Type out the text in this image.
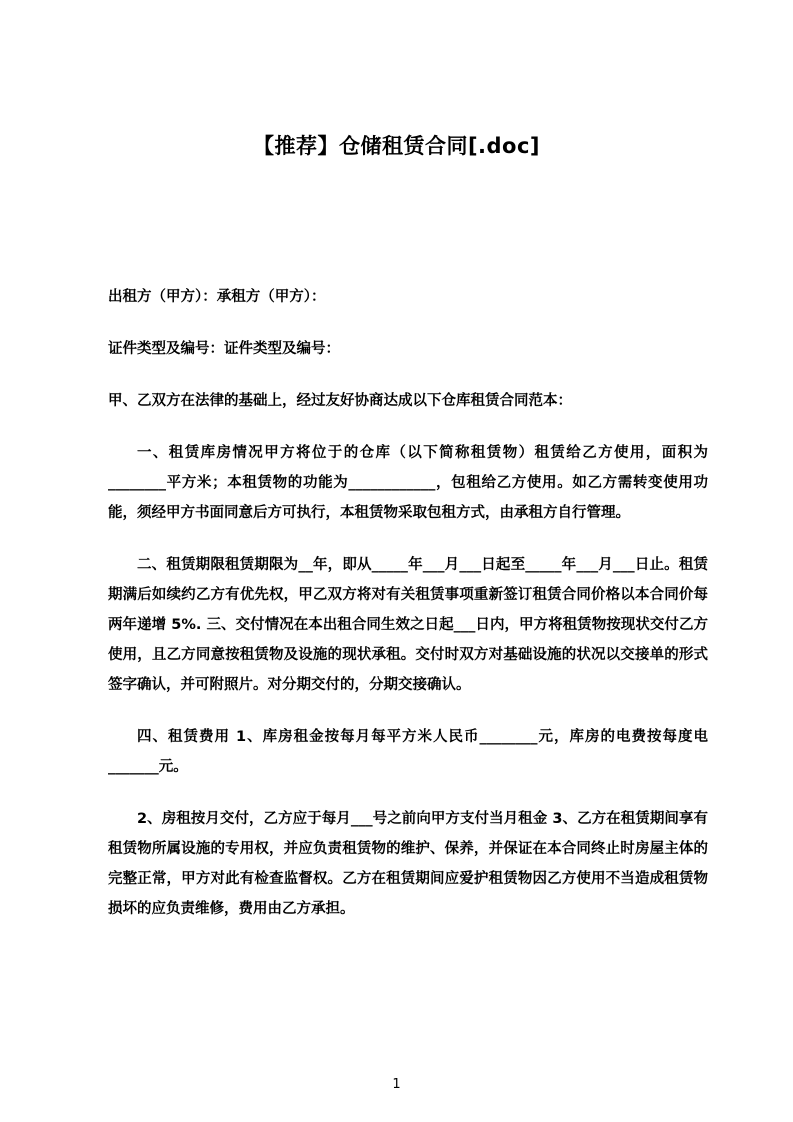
【推荐】仓储租赁合同[.doc]

出租方（甲方）：承租方（甲方）：

证件类型及编号：证件类型及编号：

甲、乙双方在法律的基础上，经过友好协商达成以下仓库租赁合同范本：

一、租赁库房情况甲方将位于的仓库（以下简称租赁物）租赁给乙方使用，面积为________平方米；本租赁物的功能为____________，包租给乙方使用。如乙方需转变使用功能，须经甲方书面同意后方可执行，本租赁物采取包租方式，由承租方自行管理。

二、租赁期限租赁期限为__年，即从_____年___月___日起至_____年___月___日止。租赁期满后如续约乙方有优先权，甲乙双方将对有关租赁事项重新签订租赁合同价格以本合同价每两年递增 5%. 三、交付情况在本出租合同生效之日起___日内，甲方将租赁物按现状交付乙方使用，且乙方同意按租赁物及设施的现状承租。交付时双方对基础设施的状况以交接单的形式签字确认，并可附照片。对分期交付的，分期交接确认。

四、租赁费用 1、库房租金按每月每平方米人民币________元，库房的电费按每度电_______元。

2、房租按月交付，乙方应于每月___号之前向甲方支付当月租金 3、乙方在租赁期间享有租赁物所属设施的专用权，并应负责租赁物的维护、保养，并保证在本合同终止时房屋主体的完整正常，甲方对此有检查监督权。乙方在租赁期间应爱护租赁物因乙方使用不当造成租赁物损坏的应负责维修，费用由乙方承担。

1
